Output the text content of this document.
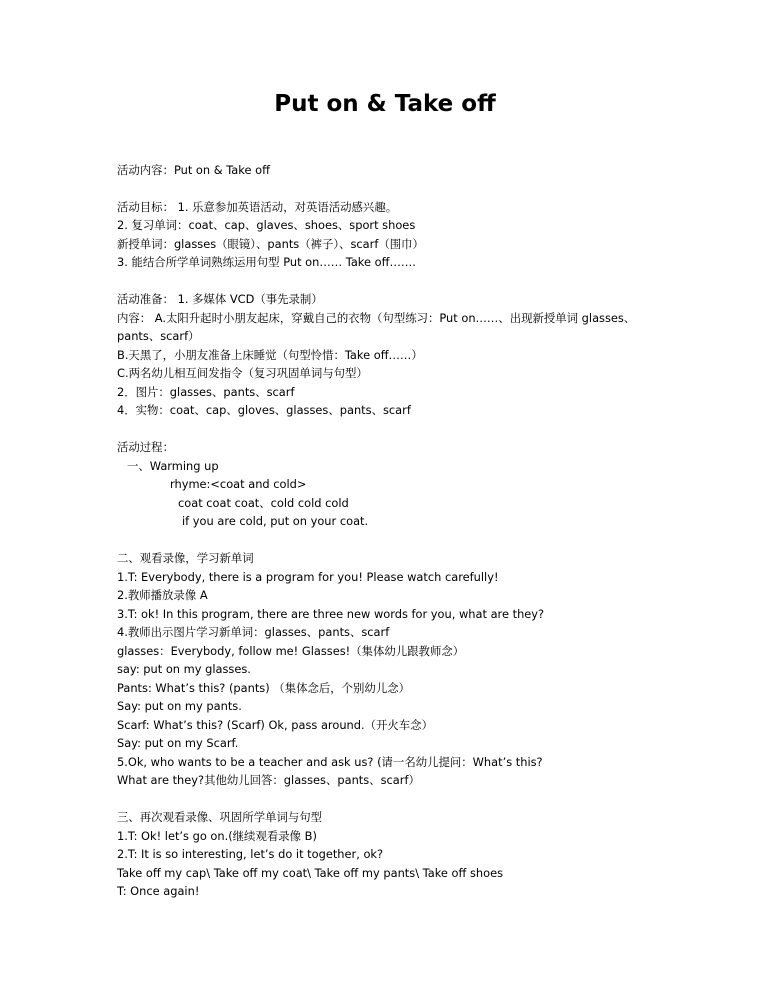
Put on & Take off
活动内容：Put on & Take off
活动目标： 1. 乐意参加英语活动，对英语活动感兴趣。
2. 复习单词：coat、cap、glaves、shoes、sport shoes
新授单词：glasses（眼镜）、pants（裤子）、scarf（围巾）
3. 能结合所学单词熟练运用句型 Put on…… Take off…….
活动准备： 1. 多媒体 VCD（事先录制）
内容： A.太阳升起时小朋友起床，穿戴自己的衣物（句型练习：Put on……、出现新授单词 glasses、
pants、scarf）
B.天黑了，小朋友准备上床睡觉（句型怜惜：Take off……）
C.两名幼儿相互间发指令（复习巩固单词与句型）
2．图片：glasses、pants、scarf
4．实物：coat、cap、gloves、glasses、pants、scarf
活动过程：
一、Warming up
rhyme:<coat and cold>
coat coat coat、cold cold cold
if you are cold, put on your coat.
二、观看录像，学习新单词
1.T: Everybody, there is a program for you! Please watch carefully!
2.教师播放录像 A
3.T: ok! In this program, there are three new words for you, what are they?
4.教师出示图片学习新单词：glasses、pants、scarf
glasses：Everybody, follow me! Glasses!（集体幼儿跟教师念）
say: put on my glasses.
Pants: What’s this? (pants) （集体念后，个别幼儿念）
Say: put on my pants.
Scarf: What’s this? (Scarf) Ok, pass around.（开火车念）
Say: put on my Scarf.
5.Ok, who wants to be a teacher and ask us? (请一名幼儿提问：What’s this?
What are they?其他幼儿回答：glasses、pants、scarf）
三、再次观看录像、巩固所学单词与句型
1.T: Ok! let’s go on.(继续观看录像 B)
2.T: It is so interesting, let’s do it together, ok?
Take off my cap\ Take off my coat\ Take off my pants\ Take off shoes
T: Once again!
